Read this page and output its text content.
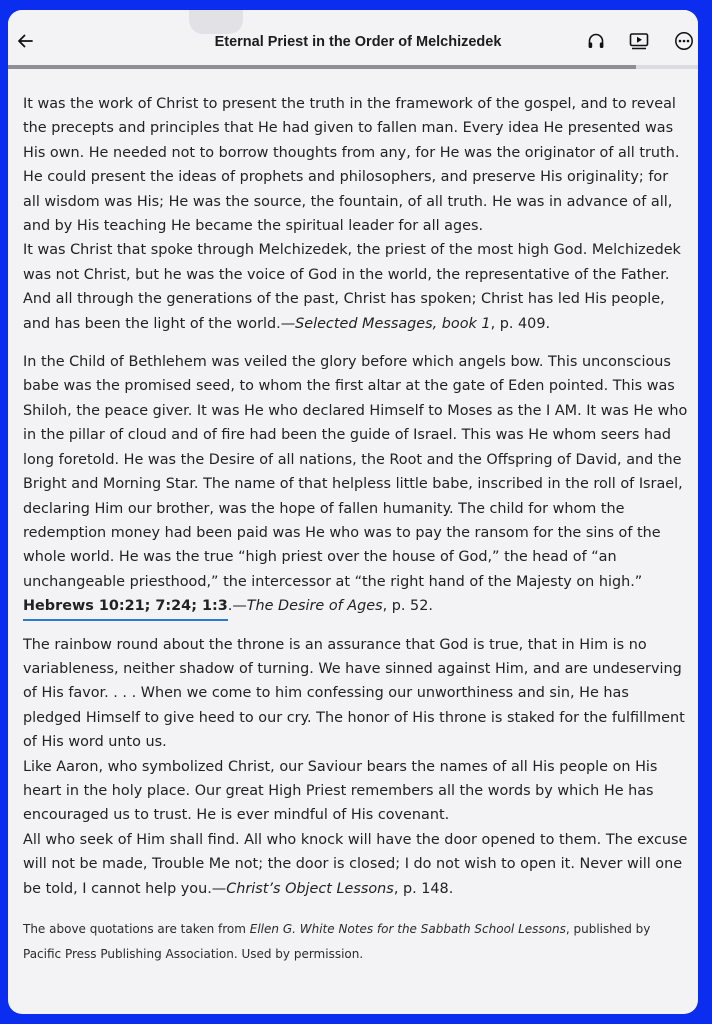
Eternal Priest in the Order of Melchizedek

It was the work of Christ to present the truth in the framework of the gospel, and to reveal the precepts and principles that He had given to fallen man. Every idea He presented was His own. He needed not to borrow thoughts from any, for He was the originator of all truth. He could present the ideas of prophets and philosophers, and preserve His originality; for all wisdom was His; He was the source, the fountain, of all truth. He was in advance of all, and by His teaching He became the spiritual leader for all ages.

It was Christ that spoke through Melchizedek, the priest of the most high God. Melchizedek was not Christ, but he was the voice of God in the world, the representative of the Father. And all through the generations of the past, Christ has spoken; Christ has led His people, and has been the light of the world.—Selected Messages, book 1, p. 409.

In the Child of Bethlehem was veiled the glory before which angels bow. This unconscious babe was the promised seed, to whom the first altar at the gate of Eden pointed. This was Shiloh, the peace giver. It was He who declared Himself to Moses as the I AM. It was He who in the pillar of cloud and of fire had been the guide of Israel. This was He whom seers had long foretold. He was the Desire of all nations, the Root and the Offspring of David, and the Bright and Morning Star. The name of that helpless little babe, inscribed in the roll of Israel, declaring Him our brother, was the hope of fallen humanity. The child for whom the redemption money had been paid was He who was to pay the ransom for the sins of the whole world. He was the true “high priest over the house of God,” the head of “an unchangeable priesthood,” the intercessor at “the right hand of the Majesty on high.”
Hebrews 10:21; 7:24; 1:3.—The Desire of Ages, p. 52.

The rainbow round about the throne is an assurance that God is true, that in Him is no variableness, neither shadow of turning. We have sinned against Him, and are undeserving of His favor. . . . When we come to him confessing our unworthiness and sin, He has pledged Himself to give heed to our cry. The honor of His throne is staked for the fulfillment of His word unto us.

Like Aaron, who symbolized Christ, our Saviour bears the names of all His people on His heart in the holy place. Our great High Priest remembers all the words by which He has encouraged us to trust. He is ever mindful of His covenant.

All who seek of Him shall find. All who knock will have the door opened to them. The excuse will not be made, Trouble Me not; the door is closed; I do not wish to open it. Never will one be told, I cannot help you.—Christ’s Object Lessons, p. 148.

The above quotations are taken from Ellen G. White Notes for the Sabbath School Lessons, published by Pacific Press Publishing Association. Used by permission.
